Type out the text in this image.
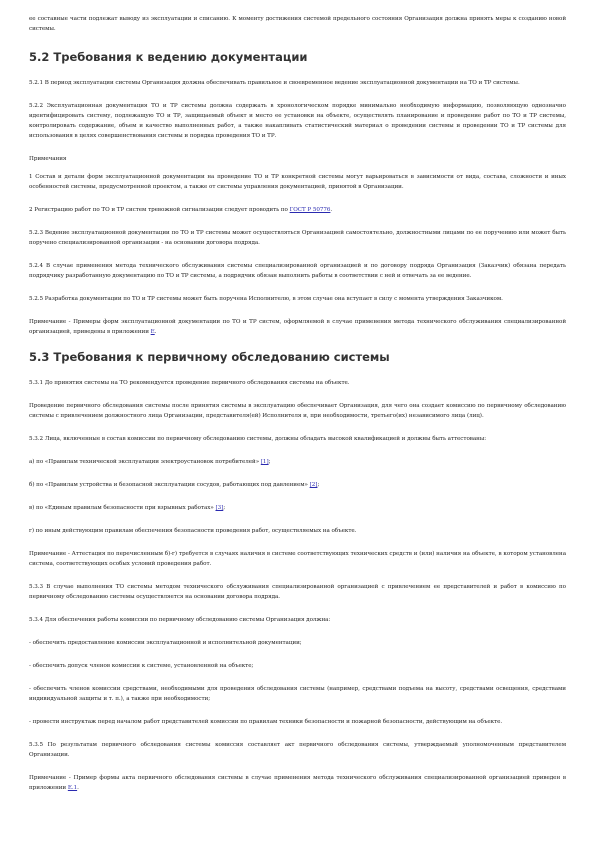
ее составные части подлежат выводу из эксплуатации и списанию. К моменту достижения системой предельного состояния Организация должна принять меры к созданию новой системы.

5.2 Требования к ведению документации

5.2.1 В период эксплуатации системы Организация должна обеспечивать правильное и своевременное ведение эксплуатационной документации на ТО и ТР системы.

5.2.2 Эксплуатационная документация ТО и ТР системы должна содержать в хронологическом порядке минимально необходимую информацию, позволяющую однозначно идентифицировать систему, подлежащую ТО и ТР, защищаемый объект и место ее установки на объекте, осуществлять планирование и проведение работ по ТО и ТР системы, контролировать содержание, объем и качество выполненных работ, а также накапливать статистический материал о проведении системы и проведении ТО и ТР системы для использования в целях совершенствования системы и порядка проведения ТО и ТР.

Примечания

1 Состав и детали форм эксплуатационной документации на проведение ТО и ТР конкретной системы могут варьироваться в зависимости от вида, состава, сложности и иных особенностей системы, предусмотренной проектом, а также от системы управления документацией, принятой в Организации.

2 Регистрацию работ по ТО и ТР систем тревожной сигнализации следует проводить по ГОСТ Р 50776.

5.2.3 Ведение эксплуатационной документации по ТО и ТР системы может осуществляться Организацией самостоятельно, должностными лицами по ее поручению или может быть поручено специализированной организации - на основании договора подряда.

5.2.4 В случае применения метода технического обслуживания системы специализированной организацией и по договору подряда Организация (Заказчик) обязана передать подрядчику разработанную документацию по ТО и ТР системы, а подрядчик обязан выполнить работы в соответствии с ней и отвечать за ее ведение.

5.2.5 Разработка документации по ТО и ТР системы может быть поручена Исполнителю, в этом случае она вступает в силу с момента утверждения Заказчиком.

Примечание - Примеры форм эксплуатационной документации по ТО и ТР систем, оформляемой в случае применения метода технического обслуживания специализированной организацией, приведены в приложении Е.

5.3 Требования к первичному обследованию системы

5.3.1 До принятия системы на ТО рекомендуется проведение первичного обследования системы на объекте.

Проведение первичного обследования системы после принятия системы в эксплуатацию обеспечивает Организация, для чего она создает комиссию по первичному обследованию системы с привлечением должностного лица Организации, представителя(ей) Исполнителя и, при необходимости, третьего(их) независимого лица (лиц).

5.3.2 Лица, включенные в состав комиссии по первичному обследованию системы, должны обладать высокой квалификацией и должны быть аттестованы:

а) по «Правилам технической эксплуатации электроустановок потребителей» [1];

б) по «Правилам устройства и безопасной эксплуатации сосудов, работающих под давлением» [2];

в) по «Единым правилам безопасности при взрывных работах» [3];

г) по иным действующим правилам обеспечения безопасности проведения работ, осуществляемых на объекте.

Примечание - Аттестация по перечисленным б)-г) требуется в случаях наличия в системе соответствующих технических средств и (или) наличия на объекте, в котором установлена система, соответствующих особых условий проведения работ.

5.3.3 В случае выполнения ТО системы методом технического обслуживания специализированной организацией с привлечением ее представителей и работ в комиссию по первичному обследованию системы осуществляется на основании договора подряда.

5.3.4 Для обеспечения работы комиссии по первичному обследованию системы Организация должна:

- обеспечить предоставление комиссии эксплуатационной и исполнительной документации;

- обеспечить допуск членов комиссии к системе, установленной на объекте;

- обеспечить членов комиссии средствами, необходимыми для проведения обследования системы (например, средствами подъема на высоту, средствами освещения, средствами индивидуальной защиты и т. п.), а также при необходимости;

- провести инструктаж перед началом работ представителей комиссии по правилам техники безопасности и пожарной безопасности, действующим на объекте.

5.3.5 По результатам первичного обследования системы комиссия составляет акт первичного обследования системы, утверждаемый уполномоченным представителем Организации.

Примечание - Пример формы акта первичного обследования системы в случае применения метода технического обслуживания специализированной организацией приведен в приложении Е.1.
